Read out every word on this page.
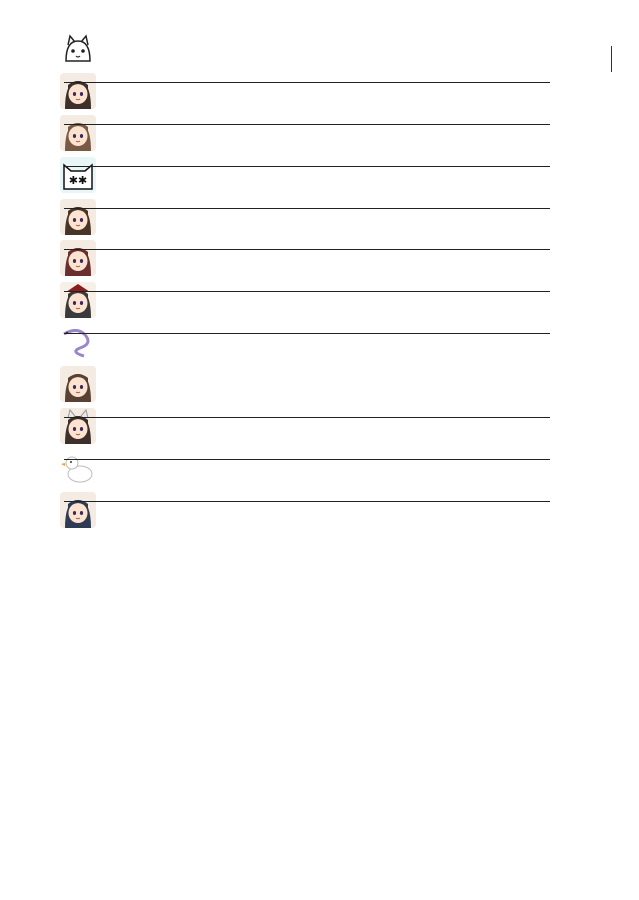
✱✱
